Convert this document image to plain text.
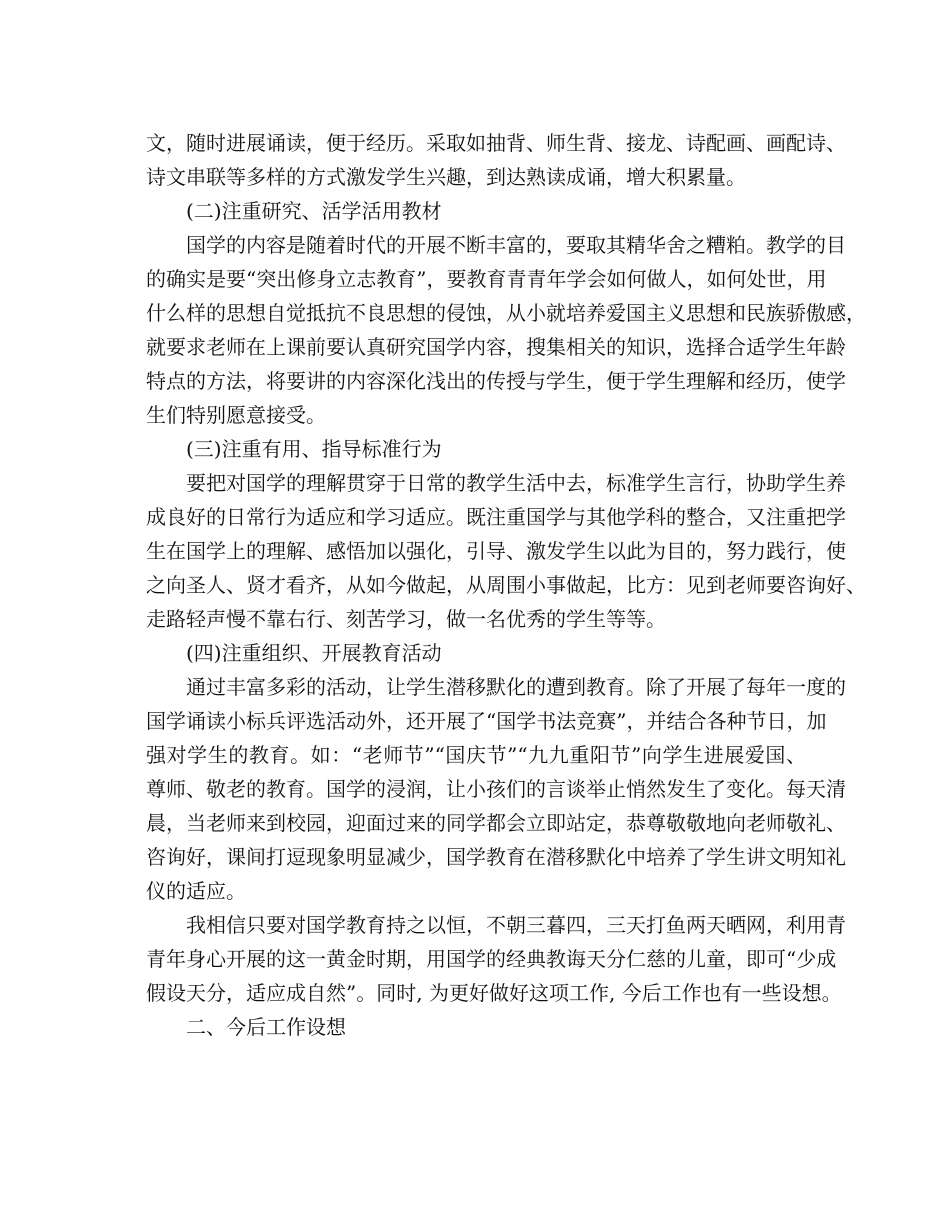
文，随时进展诵读，便于经历。采取如抽背、师生背、接龙、诗配画、画配诗、
诗文串联等多样的方式激发学生兴趣，到达熟读成诵，增大积累量。
(二)注重研究、活学活用教材
国学的内容是随着时代的开展不断丰富的，要取其精华舍之糟粕。教学的目
的确实是要“突出修身立志教育”，要教育青青年学会如何做人，如何处世，用
什么样的思想自觉抵抗不良思想的侵蚀，从小就培养爱国主义思想和民族骄傲感，
就要求老师在上课前要认真研究国学内容，搜集相关的知识，选择合适学生年龄
特点的方法，将要讲的内容深化浅出的传授与学生，便于学生理解和经历，使学
生们特别愿意接受。
(三)注重有用、指导标准行为
要把对国学的理解贯穿于日常的教学生活中去，标准学生言行，协助学生养
成良好的日常行为适应和学习适应。既注重国学与其他学科的整合，又注重把学
生在国学上的理解、感悟加以强化，引导、激发学生以此为目的，努力践行，使
之向圣人、贤才看齐，从如今做起，从周围小事做起，比方：见到老师要咨询好、
走路轻声慢不靠右行、刻苦学习，做一名优秀的学生等等。
(四)注重组织、开展教育活动
通过丰富多彩的活动，让学生潜移默化的遭到教育。除了开展了每年一度的
国学诵读小标兵评选活动外，还开展了“国学书法竞赛”，并结合各种节日，加
强对学生的教育。如：“老师节”“国庆节”“九九重阳节”向学生进展爱国、
尊师、敬老的教育。国学的浸润，让小孩们的言谈举止悄然发生了变化。每天清
晨，当老师来到校园，迎面过来的同学都会立即站定，恭尊敬敬地向老师敬礼、
咨询好，课间打逗现象明显减少，国学教育在潜移默化中培养了学生讲文明知礼
仪的适应。
我相信只要对国学教育持之以恒，不朝三暮四，三天打鱼两天晒网，利用青
青年身心开展的这一黄金时期，用国学的经典教诲天分仁慈的儿童，即可“少成
假设天分，适应成自然”。同时, 为更好做好这项工作, 今后工作也有一些设想。
二、今后工作设想
